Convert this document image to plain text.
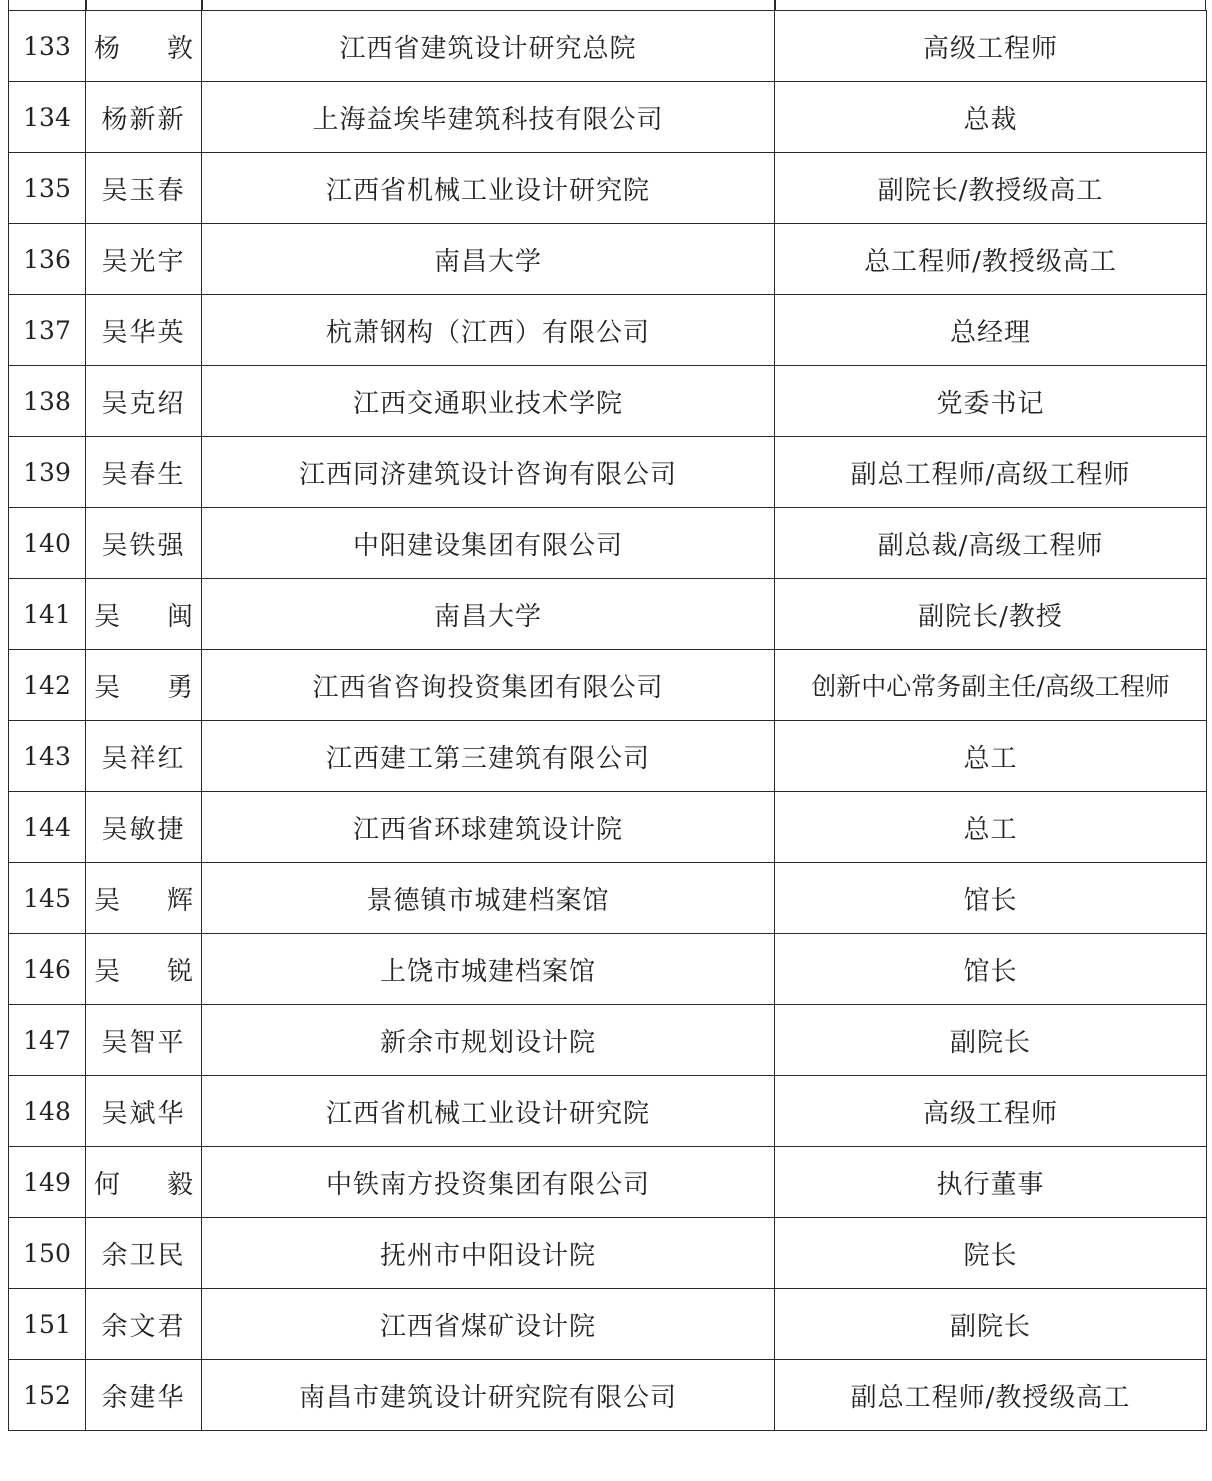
133	杨　敦	江西省建筑设计研究总院	高级工程师
134	杨新新	上海益埃毕建筑科技有限公司	总裁
135	吴玉春	江西省机械工业设计研究院	副院长/教授级高工
136	吴光宇	南昌大学	总工程师/教授级高工
137	吴华英	杭萧钢构（江西）有限公司	总经理
138	吴克绍	江西交通职业技术学院	党委书记
139	吴春生	江西同济建筑设计咨询有限公司	副总工程师/高级工程师
140	吴铁强	中阳建设集团有限公司	副总裁/高级工程师
141	吴　闽	南昌大学	副院长/教授
142	吴　勇	江西省咨询投资集团有限公司	创新中心常务副主任/高级工程师
143	吴祥红	江西建工第三建筑有限公司	总工
144	吴敏捷	江西省环球建筑设计院	总工
145	吴　辉	景德镇市城建档案馆	馆长
146	吴　锐	上饶市城建档案馆	馆长
147	吴智平	新余市规划设计院	副院长
148	吴斌华	江西省机械工业设计研究院	高级工程师
149	何　毅	中铁南方投资集团有限公司	执行董事
150	余卫民	抚州市中阳设计院	院长
151	余文君	江西省煤矿设计院	副院长
152	余建华	南昌市建筑设计研究院有限公司	副总工程师/教授级高工
